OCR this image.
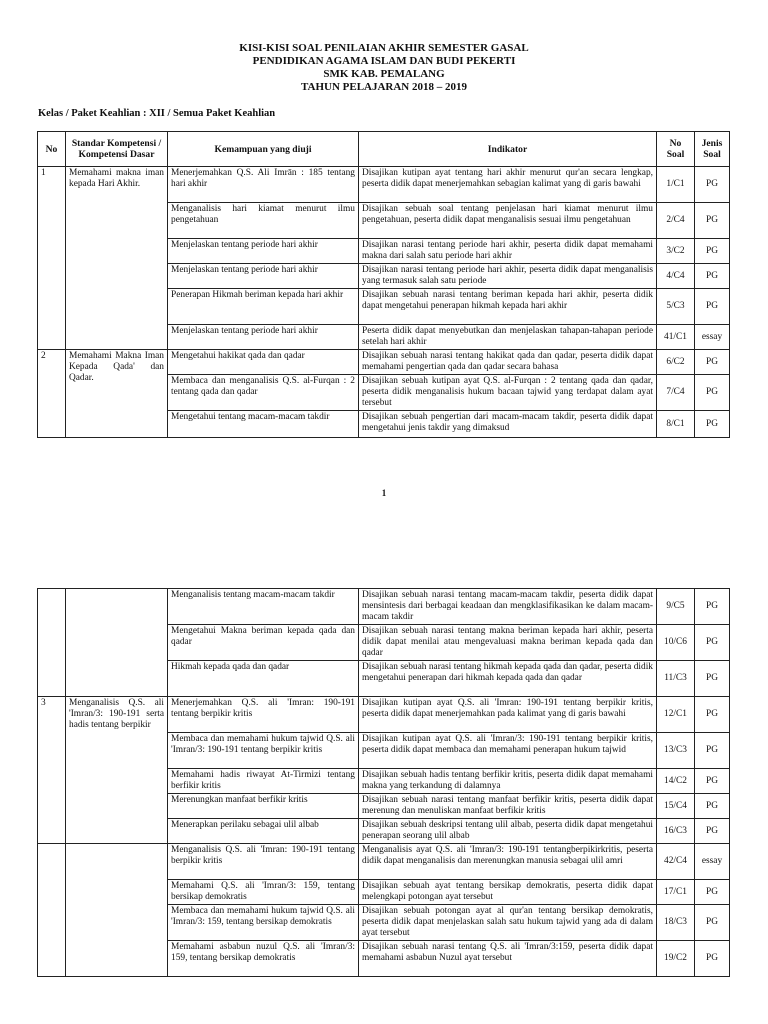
KISI-KISI SOAL PENILAIAN AKHIR SEMESTER GASAL
PENDIDIKAN AGAMA ISLAM DAN BUDI PEKERTI
SMK KAB. PEMALANG
TAHUN PELAJARAN 2018 – 2019
Kelas / Paket Keahlian : XII / Semua Paket Keahlian
No	Standar Kompetensi / Kompetensi Dasar	Kemampuan yang diuji	Indikator	No Soal	Jenis Soal
1	Memahami makna iman kepada Hari Akhir.	Menerjemahkan Q.S. Ali Imrān : 185 tentang hari akhir	Disajikan kutipan ayat tentang hari akhir menurut qur'an secara lengkap, peserta didik dapat menerjemahkan sebagian kalimat yang di garis bawahi	1/C1	PG
		Menganalisis hari kiamat menurut ilmu pengetahuan	Disajikan sebuah soal tentang penjelasan hari kiamat menurut ilmu pengetahuan, peserta didik dapat menganalisis sesuai ilmu pengetahuan	2/C4	PG
		Menjelaskan tentang periode hari akhir	Disajikan narasi tentang periode hari akhir, peserta didik dapat memahami makna dari salah satu periode hari akhir	3/C2	PG
		Menjelaskan tentang periode hari akhir	Disajikan narasi tentang periode hari akhir, peserta didik dapat menganalisis yang termasuk salah satu periode	4/C4	PG
		Penerapan Hikmah beriman kepada hari akhir	Disajikan sebuah narasi tentang beriman kepada hari akhir, peserta didik dapat mengetahui penerapan hikmah kepada hari akhir	5/C3	PG
		Menjelaskan tentang periode hari akhir	Peserta didik dapat menyebutkan dan menjelaskan tahapan-tahapan periode setelah hari akhir	41/C1	essay
2	Memahami Makna Iman Kepada Qada' dan Qadar.	Mengetahui hakikat qada dan qadar	Disajikan sebuah narasi tentang hakikat qada dan qadar, peserta didik dapat memahami pengertian qada dan qadar secara bahasa	6/C2	PG
		Membaca dan menganalisis Q.S. al-Furqan : 2 tentang qada dan qadar	Disajikan sebuah kutipan ayat Q.S. al-Furqan : 2 tentang qada dan qadar, peserta didik menganalisis hukum bacaan tajwid yang terdapat dalam ayat tersebut	7/C4	PG
		Mengetahui tentang macam-macam takdir	Disajikan sebuah pengertian dari macam-macam takdir, peserta didik dapat mengetahui jenis takdir yang dimaksud	8/C1	PG
1
		Menganalisis tentang macam-macam takdir	Disajikan sebuah narasi tentang macam-macam takdir, peserta didik dapat mensintesis dari berbagai keadaan dan mengklasifikasikan ke dalam macam-macam takdir	9/C5	PG
		Mengetahui Makna beriman kepada qada dan qadar	Disajikan sebuah narasi tentang makna beriman kepada hari akhir, peserta didik dapat menilai atau mengevaluasi makna beriman kepada qada dan qadar	10/C6	PG
		Hikmah kepada qada dan qadar	Disajikan sebuah narasi tentang hikmah kepada qada dan qadar, peserta didik mengetahui penerapan dari hikmah kepada qada dan qadar	11/C3	PG
3	Menganalisis Q.S. ali 'Imran/3: 190-191 serta hadis tentang berpikir	Menerjemahkan Q.S. ali 'Imran: 190-191 tentang berpikir kritis	Disajikan kutipan ayat Q.S. ali 'Imran: 190-191 tentang berpikir kritis, peserta didik dapat menerjemahkan pada kalimat yang di garis bawahi	12/C1	PG
		Membaca dan memahami hukum tajwid Q.S. ali 'Imran/3: 190-191 tentang berpikir kritis	Disajikan kutipan ayat Q.S. ali 'Imran/3: 190-191 tentang berpikir kritis, peserta didik dapat membaca dan memahami penerapan hukum tajwid	13/C3	PG
		Memahami hadis riwayat At-Tirmizi tentang berfikir kritis	Disajikan sebuah hadis tentang berfikir kritis, peserta didik dapat memahami makna yang terkandung di dalamnya	14/C2	PG
		Merenungkan manfaat berfikir kritis	Disajikan sebuah narasi tentang manfaat berfikir kritis, peserta didik dapat merenung dan menuliskan manfaat berfikir kritis	15/C4	PG
		Menerapkan perilaku sebagai ulil albab	Disajikan sebuah deskripsi tentang ulil albab, peserta didik dapat mengetahui penerapan seorang ulil albab	16/C3	PG
		Menganalisis Q.S. ali 'Imran: 190-191 tentang berpikir kritis	Menganalisis ayat Q.S. ali 'Imran/3: 190-191 tentangberpikirkritis, peserta didik dapat menganalisis dan merenungkan manusia sebagai ulil amri	42/C4	essay
		Memahami Q.S. ali 'Imran/3: 159, tentang bersikap demokratis	Disajikan sebuah ayat tentang bersikap demokratis, peserta didik dapat melengkapi potongan ayat tersebut	17/C1	PG
		Membaca dan memahami hukum tajwid Q.S. ali 'Imran/3: 159, tentang bersikap demokratis	Disajikan sebuah potongan ayat al qur'an tentang bersikap demokratis, peserta didik dapat menjelaskan salah satu hukum tajwid yang ada di dalam ayat tersebut	18/C3	PG
		Memahami asbabun nuzul Q.S. ali 'Imran/3: 159, tentang bersikap demokratis	Disajikan sebuah narasi tentang Q.S. ali 'Imran/3:159, peserta didik dapat memahami asbabun Nuzul ayat tersebut	19/C2	PG
